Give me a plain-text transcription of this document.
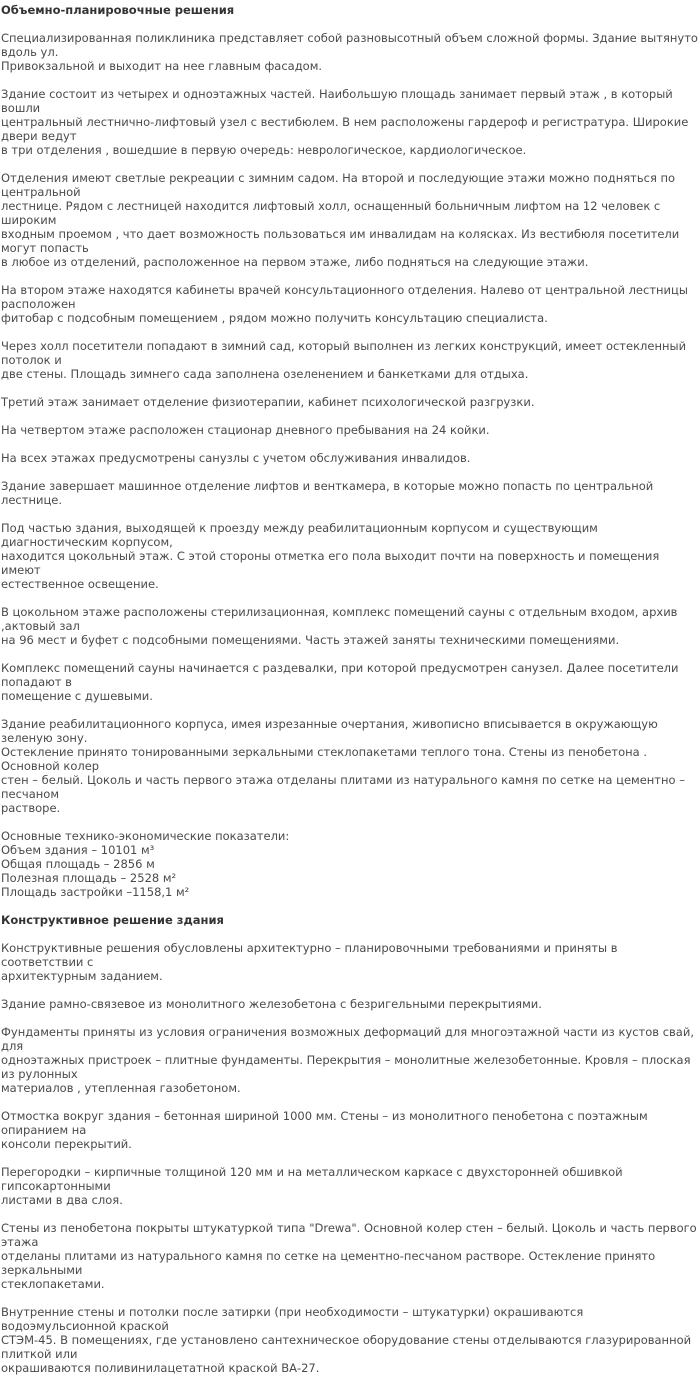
Объемно-планировочные решения
Специализированная поликлиника представляет собой разновысотный объем сложной формы. Здание вытянуто вдоль ул.
Привокзальной и выходит на нее главным фасадом.
Здание состоит из четырех и одноэтажных частей. Наибольшую площадь занимает первый этаж , в который вошли
центральный лестнично-лифтовый узел с вестибюлем. В нем расположены гардероф и регистратура. Широкие двери ведут
в три отделения , вошедшие в первую очередь: неврологическое, кардиологическое.
Отделения имеют светлые рекреации с зимним садом. На второй и последующие этажи можно подняться по центральной
лестнице. Рядом с лестницей находится лифтовый холл, оснащенный больничным лифтом на 12 человек с широким
входным проемом , что дает возможность пользоваться им инвалидам на колясках. Из вестибюля посетители могут попасть
в любое из отделений, расположенное на первом этаже, либо подняться на следующие этажи.
На втором этаже находятся кабинеты врачей консультационного отделения. Налево от центральной лестницы расположен
фитобар с подсобным помещением , рядом можно получить консультацию специалиста.
Через холл посетители попадают в зимний сад, который выполнен из легких конструкций, имеет остекленный потолок и
две стены. Площадь зимнего сада заполнена озеленением и банкетками для отдыха.
Третий этаж занимает отделение физиотерапии, кабинет психологической разгрузки.
На четвертом этаже расположен стационар дневного пребывания на 24 койки.
На всех этажах предусмотрены санузлы с учетом обслуживания инвалидов.
Здание завершает машинное отделение лифтов и венткамера, в которые можно попасть по центральной лестнице.
Под частью здания, выходящей к проезду между реабилитационным корпусом и существующим диагностическим корпусом,
находится цокольный этаж. С этой стороны отметка его пола выходит почти на поверхность и помещения имеют
естественное освещение.
В цокольном этаже расположены стерилизационная, комплекс помещений сауны с отдельным входом, архив ,актовый зал
на 96 мест и буфет с подсобными помещениями. Часть этажей заняты техническими помещениями.
Комплекс помещений сауны начинается с раздевалки, при которой предусмотрен санузел. Далее посетители попадают в
помещение с душевыми.
Здание реабилитационного корпуса, имея изрезанные очертания, живописно вписывается в окружающую зеленую зону.
Остекление принято тонированными зеркальными стеклопакетами теплого тона. Стены из пенобетона . Основной колер
стен – белый. Цоколь и часть первого этажа отделаны плитами из натурального камня по сетке на цементно – песчаном
растворе.
Основные технико-экономические показатели:
Объем здания – 10101 м³
Общая площадь – 2856 м
Полезная площадь – 2528 м²
Площадь застройки –1158,1 м²
Конструктивное решение здания
Конструктивные решения обусловлены архитектурно – планировочными требованиями и приняты в соответствии с
архитектурным заданием.
Здание рамно-связевое из монолитного железобетона с безригельными перекрытиями.
Фундаменты приняты из условия ограничения возможных деформаций для многоэтажной части из кустов свай, для
одноэтажных пристроек – плитные фундаменты. Перекрытия – монолитные железобетонные. Кровля – плоская из рулонных
материалов , утепленная газобетоном.
Отмостка вокруг здания – бетонная шириной 1000 мм. Стены – из монолитного пенобетона с поэтажным опиранием на
консоли перекрытий.
Перегородки – кирпичные толщиной 120 мм и на металлическом каркасе с двухсторонней обшивкой гипсокартонными
листами в два слоя.
Стены из пенобетона покрыты штукатуркой типа "Drewa". Основной колер стен – белый. Цоколь и часть первого этажа
отделаны плитами из натурального камня по сетке на цементно-песчаном растворе. Остекление принято зеркальными
стеклопакетами.
Внутренние стены и потолки после затирки (при необходимости – штукатурки) окрашиваются водоэмульсионной краской
СТЭМ-45. В помещениях, где установлено сантехническое оборудование стены отделываются глазурированной плиткой или
окрашиваются поливинилацетатной краской ВА-27.
